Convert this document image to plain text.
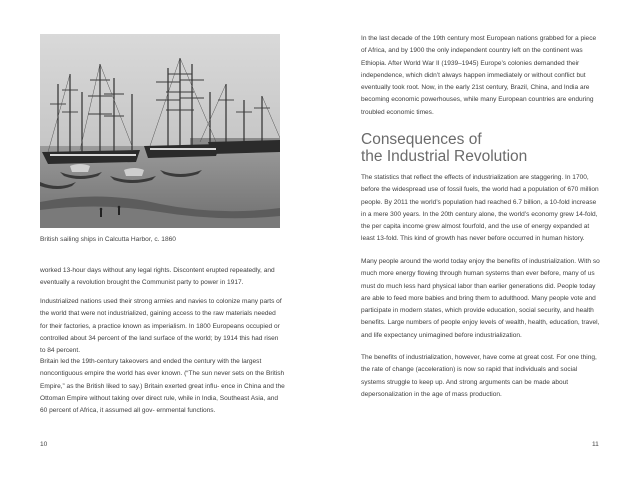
British sailing ships in Calcutta Harbor, c. 1860

worked 13-hour days without any legal rights. Discontent erupted repeatedly, and eventually a revolution brought the Communist party to power in 1917.

Industrialized nations used their strong armies and navies to colonize many parts of the world that were not industrialized, gaining access to the raw materials needed for their factories, a practice known as imperialism. In 1800 Europeans occupied or controlled about 34 percent of the land surface of the world; by 1914 this had risen to 84 percent.

Britain led the 19th-century takeovers and ended the century with the largest noncontiguous empire the world has ever known. (“The sun never sets on the British Empire,” as the British liked to say.) Britain exerted great influ- ence in China and the Ottoman Empire without taking over direct rule, while in India, Southeast Asia, and 60 percent of Africa, it assumed all gov- ernmental functions.

10

In the last decade of the 19th century most European nations grabbed for a piece of Africa, and by 1900 the only independent country left on the continent was Ethiopia. After World War II (1939–1945) Europe’s colonies demanded their independence, which didn’t always happen immediately or without conflict but eventually took root. Now, in the early 21st century, Brazil, China, and India are becoming economic powerhouses, while many European countries are enduring troubled economic times.

Consequences of
the Industrial Revolution

The statistics that reflect the effects of industrialization are staggering. In 1700, before the widespread use of fossil fuels, the world had a population of 670 million people. By 2011 the world’s population had reached 6.7 billion, a 10-fold increase in a mere 300 years. In the 20th century alone, the world’s economy grew 14-fold, the per capita income grew almost fourfold, and the use of energy expanded at least 13-fold. This kind of growth has never before occurred in human history.

Many people around the world today enjoy the benefits of industrialization. With so much more energy flowing through human systems than ever before, many of us must do much less hard physical labor than earlier generations did. People today are able to feed more babies and bring them to adulthood. Many people vote and participate in modern states, which provide education, social security, and health benefits. Large numbers of people enjoy levels of wealth, health, education, travel, and life expectancy unimagined before industrialization.

The benefits of industrialization, however, have come at great cost. For one thing, the rate of change (acceleration) is now so rapid that individuals and social systems struggle to keep up. And strong arguments can be made about depersonalization in the age of mass production.

11
